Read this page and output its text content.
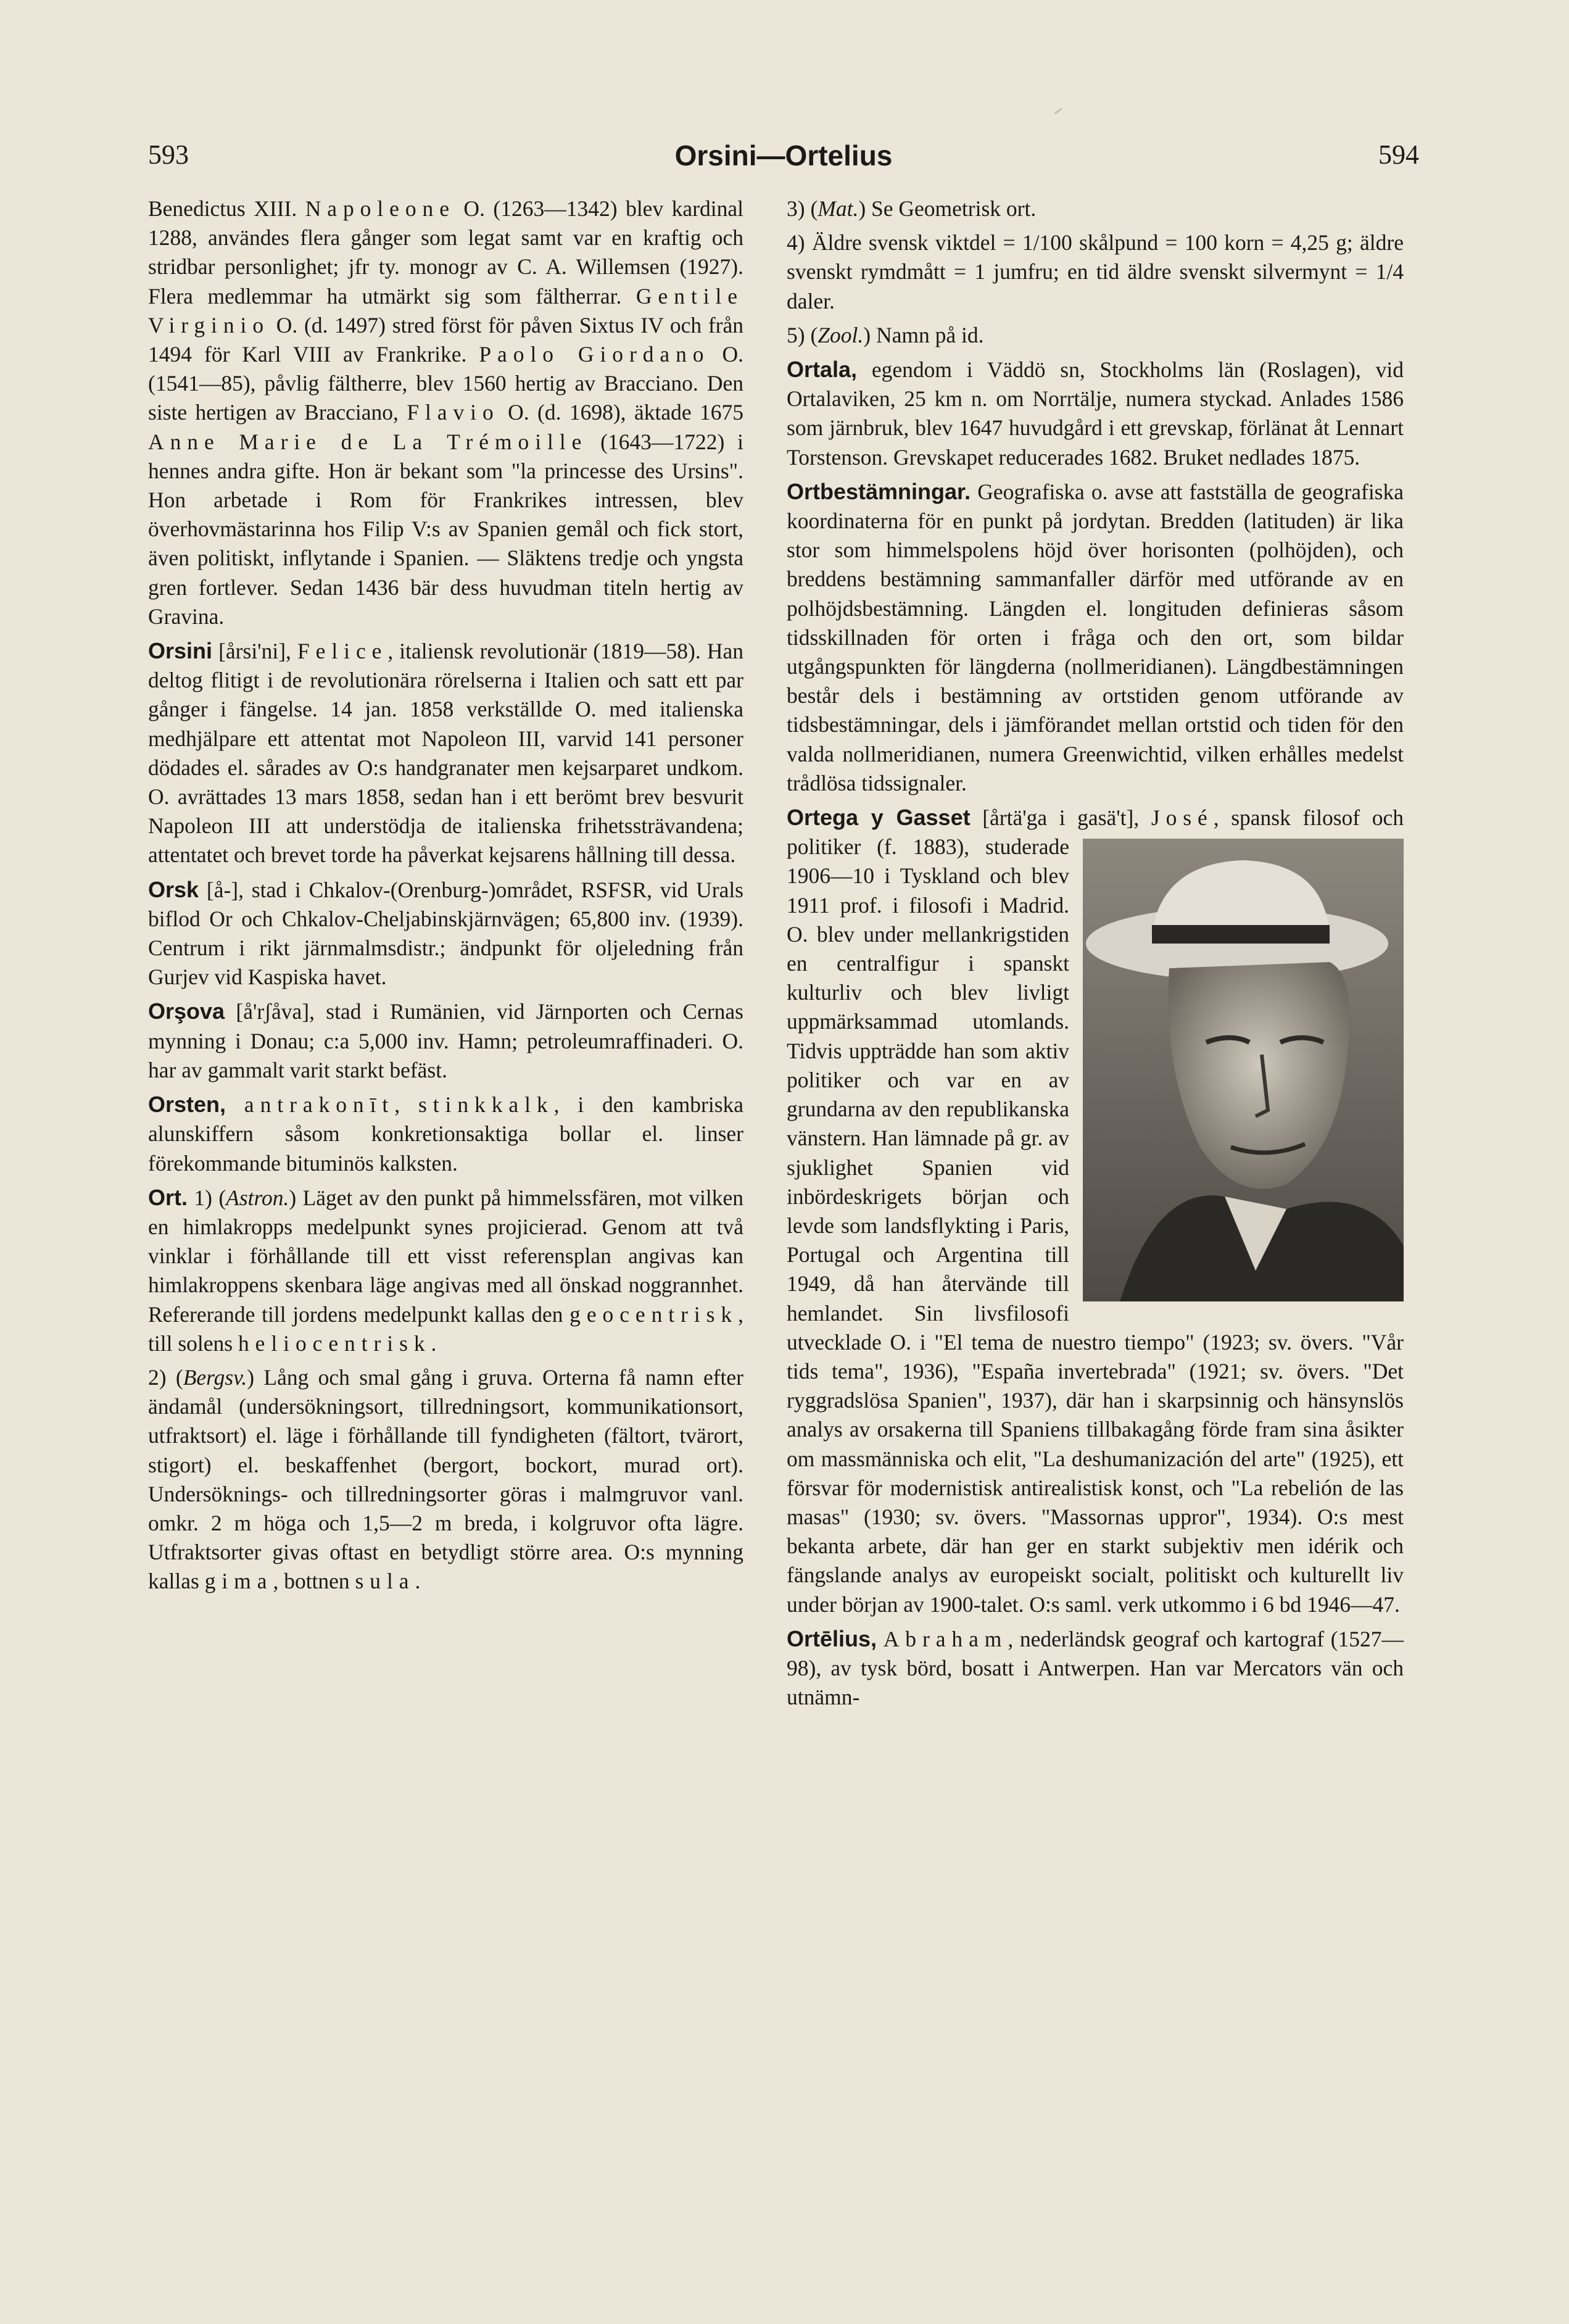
593	Orsini—Ortelius	594

Benedictus XIII. Napoleone O. (1263—1342) blev kardinal 1288, användes flera gånger som legat samt var en kraftig och stridbar personlighet; jfr ty. monogr av C. A. Willemsen (1927). Flera medlemmar ha utmärkt sig som fältherrar. Gentile Virginio O. (d. 1497) stred först för påven Sixtus IV och från 1494 för Karl VIII av Frankrike. Paolo Giordano O. (1541—85), påvlig fältherre, blev 1560 hertig av Bracciano. Den siste hertigen av Bracciano, Flavio O. (d. 1698), äktade 1675 Anne Marie de La Trémoille (1643—1722) i hennes andra gifte. Hon är bekant som "la princesse des Ursins". Hon arbetade i Rom för Frankrikes intressen, blev överhovmästarinna hos Filip V:s av Spanien gemål och fick stort, även politiskt, inflytande i Spanien. — Släktens tredje och yngsta gren fortlever. Sedan 1436 bär dess huvudman titeln hertig av Gravina.

Orsini [årsi'ni], Felice, italiensk revolutionär (1819—58). Han deltog flitigt i de revolutionära rörelserna i Italien och satt ett par gånger i fängelse. 14 jan. 1858 verkställde O. med italienska medhjälpare ett attentat mot Napoleon III, varvid 141 personer dödades el. sårades av O:s handgranater men kejsarparet undkom. O. avrättades 13 mars 1858, sedan han i ett berömt brev besvurit Napoleon III att understödja de italienska frihetssträvandena; attentatet och brevet torde ha påverkat kejsarens hållning till dessa.

Orsk [å-], stad i Chkalov-(Orenburg-)området, RSFSR, vid Urals biflod Or och Chkalov-Cheljabinskjärnvägen; 65,800 inv. (1939). Centrum i rikt järnmalmsdistr.; ändpunkt för oljeledning från Gurjev vid Kaspiska havet.

Orşova [å'rʃåva], stad i Rumänien, vid Järnporten och Cernas mynning i Donau; c:a 5,000 inv. Hamn; petroleumraffinaderi. O. har av gammalt varit starkt befäst.

Orsten, antrakonīt, stinkkalk, i den kambriska alunskiffern såsom konkretionsaktiga bollar el. linser förekommande bituminös kalksten.

Ort. 1) (Astron.) Läget av den punkt på himmelssfären, mot vilken en himlakropps medelpunkt synes projicierad. Genom att två vinklar i förhållande till ett visst referensplan angivas kan himlakroppens skenbara läge angivas med all önskad noggrannhet. Refererande till jordens medelpunkt kallas den geocentrisk, till solens heliocentrisk.

2) (Bergsv.) Lång och smal gång i gruva. Orterna få namn efter ändamål (undersökningsort, tillredningsort, kommunikationsort, utfraktsort) el. läge i förhållande till fyndigheten (fältort, tvärort, stigort) el. beskaffenhet (bergort, bockort, murad ort). Undersöknings- och tillredningsorter göras i malmgruvor vanl. omkr. 2 m höga och 1,5—2 m breda, i kolgruvor ofta lägre. Utfraktsorter givas oftast en betydligt större area. O:s mynning kallas gima, bottnen sula.

3) (Mat.) Se Geometrisk ort.

4) Äldre svensk viktdel = 1/100 skålpund = 100 korn = 4,25 g; äldre svenskt rymdmått = 1 jumfru; en tid äldre svenskt silvermynt = 1/4 daler.

5) (Zool.) Namn på id.

Ortala, egendom i Väddö sn, Stockholms län (Roslagen), vid Ortalaviken, 25 km n. om Norrtälje, numera styckad. Anlades 1586 som järnbruk, blev 1647 huvudgård i ett grevskap, förlänat åt Lennart Torstenson. Grevskapet reducerades 1682. Bruket nedlades 1875.

Ortbestämningar. Geografiska o. avse att fastställa de geografiska koordinaterna för en punkt på jordytan. Bredden (latituden) är lika stor som himmelspolens höjd över horisonten (polhöjden), och breddens bestämning sammanfaller därför med utförande av en polhöjdsbestämning. Längden el. longituden definieras såsom tidsskillnaden för orten i fråga och den ort, som bildar utgångspunkten för längderna (nollmeridianen). Längdbestämningen består dels i bestämning av ortstiden genom utförande av tidsbestämningar, dels i jämförandet mellan ortstid och tiden för den valda nollmeridianen, numera Greenwichtid, vilken erhålles medelst trådlösa tidssignaler.

Ortega y Gasset [årtä'ga i gasä't], José
, spansk filosof och politiker (f. 1883), studerade 1906—10 i Tyskland och blev 1911 prof. i filosofi i Madrid. O. blev under mellankrigstiden en centralfigur i spanskt kulturliv och blev livligt uppmärksammad utomlands. Tidvis uppträdde han som aktiv politiker och var en av grundarna av den republikanska vänstern. Han lämnade på gr. av sjuklighet Spanien vid inbördeskrigets början och levde som landsflykting i Paris, Portugal och Argentina till 1949, då han återvände till hemlandet. Sin livsfilosofi utvecklade O. i "El tema de nuestro tiempo" (1923; sv. övers. "Vår tids tema", 1936), "España invertebrada" (1921; sv. övers. "Det ryggradslösa Spanien", 1937), där han i skarpsinnig och hänsynslös analys av orsakerna till Spaniens tillbakagång förde fram sina åsikter om massmänniska och elit, "La deshumanización del arte" (1925), ett försvar för modernistisk antirealistisk konst, och "La rebelión de las masas" (1930; sv. övers. "Massornas uppror", 1934). O:s mest bekanta arbete, där han ger en starkt subjektiv men idérik och fängslande analys av europeiskt socialt, politiskt och kulturellt liv under början av 1900-talet. O:s saml. verk utkommo i 6 bd 1946—47.

Ortēlius, Abraham, nederländsk geograf och kartograf (1527—98), av tysk börd, bosatt i Antwerpen. Han var Mercators vän och utnämn-
